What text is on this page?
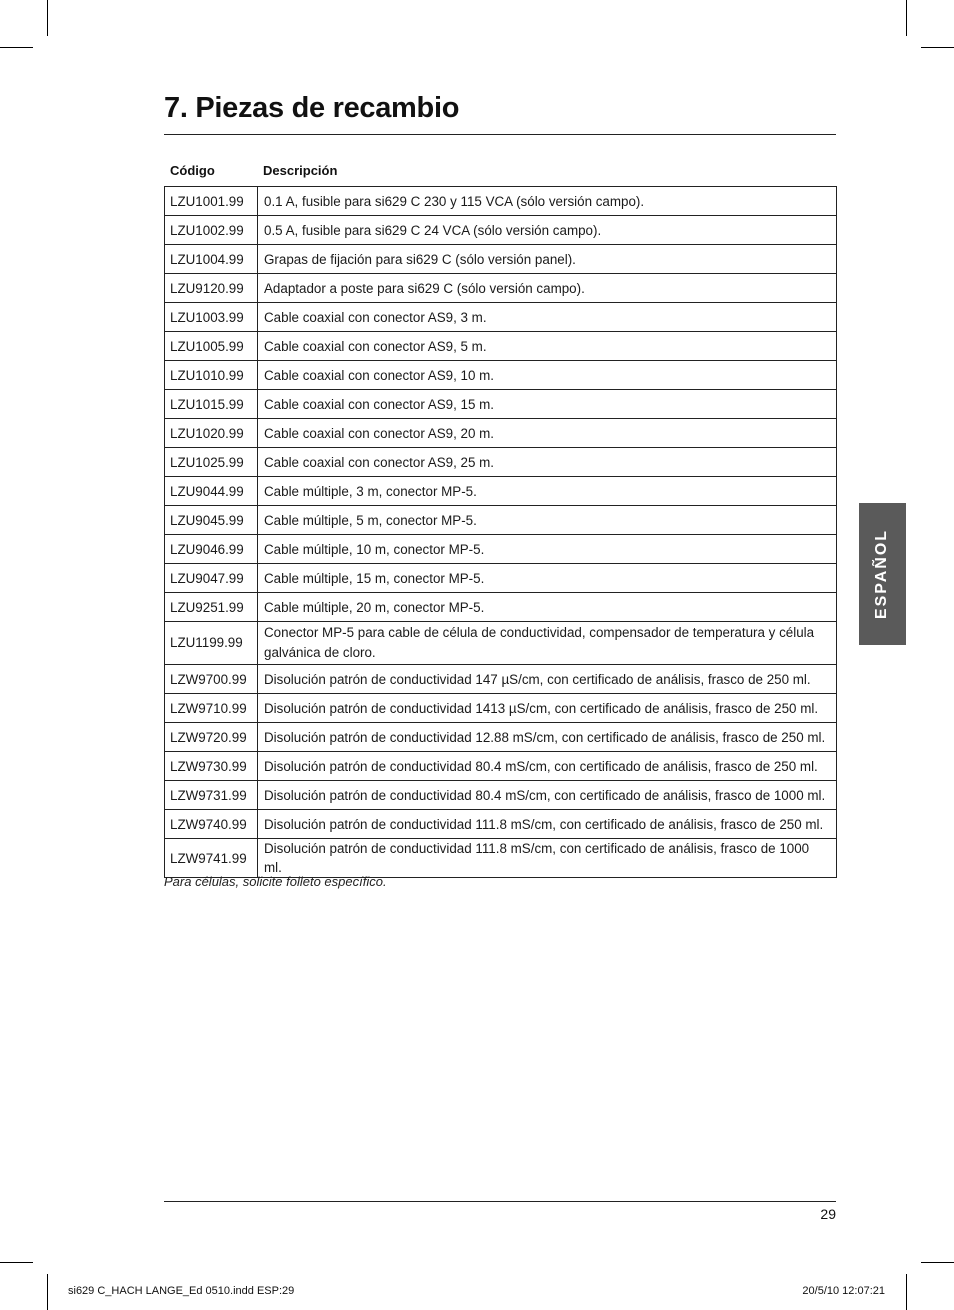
7. Piezas de recambio
Código	Descripción
LZU1001.99	0.1 A, fusible para si629 C 230 y 115 VCA (sólo versión campo).
LZU1002.99	0.5 A, fusible para si629 C 24 VCA (sólo versión campo).
LZU1004.99	Grapas de fijación para si629 C (sólo versión panel).
LZU9120.99	Adaptador a poste para si629 C (sólo versión campo).
LZU1003.99	Cable coaxial con conector AS9, 3 m.
LZU1005.99	Cable coaxial con conector AS9, 5 m.
LZU1010.99	Cable coaxial con conector AS9, 10 m.
LZU1015.99	Cable coaxial con conector AS9, 15 m.
LZU1020.99	Cable coaxial con conector AS9, 20 m.
LZU1025.99	Cable coaxial con conector AS9, 25 m.
LZU9044.99	Cable múltiple, 3 m, conector MP-5.
LZU9045.99	Cable múltiple, 5 m, conector MP-5.
LZU9046.99	Cable múltiple, 10 m, conector MP-5.
LZU9047.99	Cable múltiple, 15 m, conector MP-5.
LZU9251.99	Cable múltiple, 20 m, conector MP-5.
LZU1199.99	Conector MP-5 para cable de célula de conductividad, compensador de temperatura y célula galvánica de cloro.
LZW9700.99	Disolución patrón de conductividad 147 µS/cm, con certificado de análisis, frasco de 250 ml.
LZW9710.99	Disolución patrón de conductividad 1413 µS/cm, con certificado de análisis, frasco de 250 ml.
LZW9720.99	Disolución patrón de conductividad 12.88 mS/cm, con certificado de análisis, frasco de 250 ml.
LZW9730.99	Disolución patrón de conductividad 80.4 mS/cm, con certificado de análisis, frasco de 250 ml.
LZW9731.99	Disolución patrón de conductividad 80.4 mS/cm, con certificado de análisis, frasco de 1000 ml.
LZW9740.99	Disolución patrón de conductividad 111.8 mS/cm, con certificado de análisis, frasco de 250 ml.
LZW9741.99	Disolución patrón de conductividad 111.8 mS/cm, con certificado de análisis, frasco de 1000 ml.
Para células, solicite folleto específico.
ESPAÑOL
29
si629 C_HACH LANGE_Ed 0510.indd ESP:29	20/5/10 12:07:21
